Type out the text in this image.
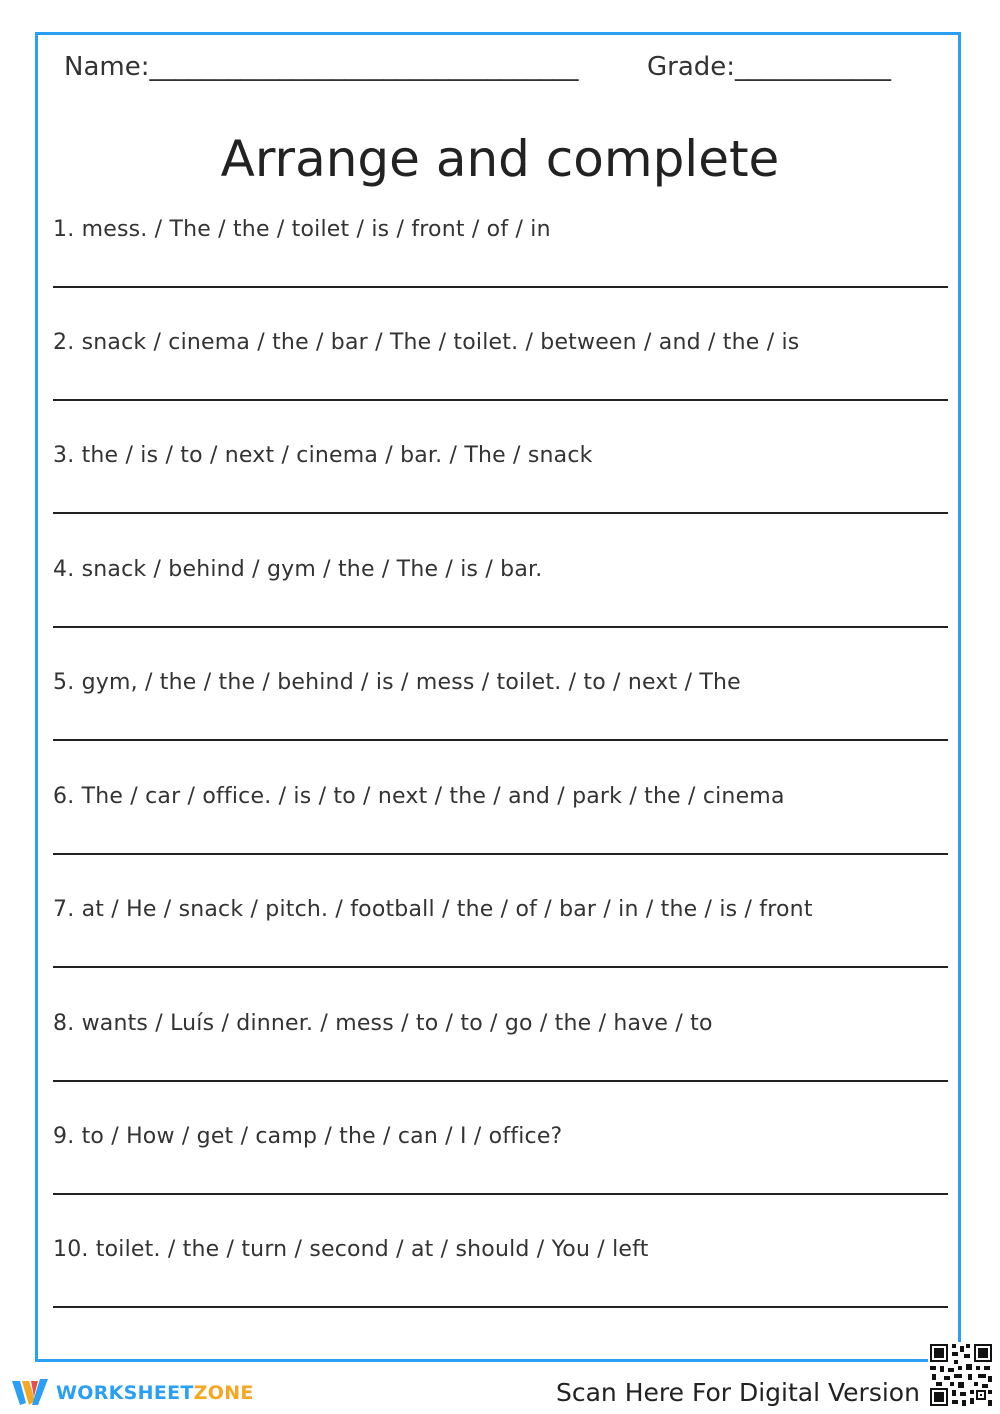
Name:_________________________________	Grade:____________
Arrange and complete
1. mess. / The / the / toilet / is / front / of / in
2. snack / cinema / the / bar / The / toilet. / between / and / the / is
3. the / is / to / next / cinema / bar. / The / snack
4. snack / behind / gym / the / The / is / bar.
5. gym, / the / the / behind / is / mess / toilet. / to / next / The
6. The / car / office. / is / to / next / the / and / park / the / cinema
7. at / He / snack / pitch. / football / the / of / bar / in / the / is / front
8. wants / Luís / dinner. / mess / to / to / go / the / have / to
9. to / How / get / camp / the / can / I / office?
10. toilet. / the / turn / second / at / should / You / left
WORKSHEETZONE	Scan Here For Digital Version
